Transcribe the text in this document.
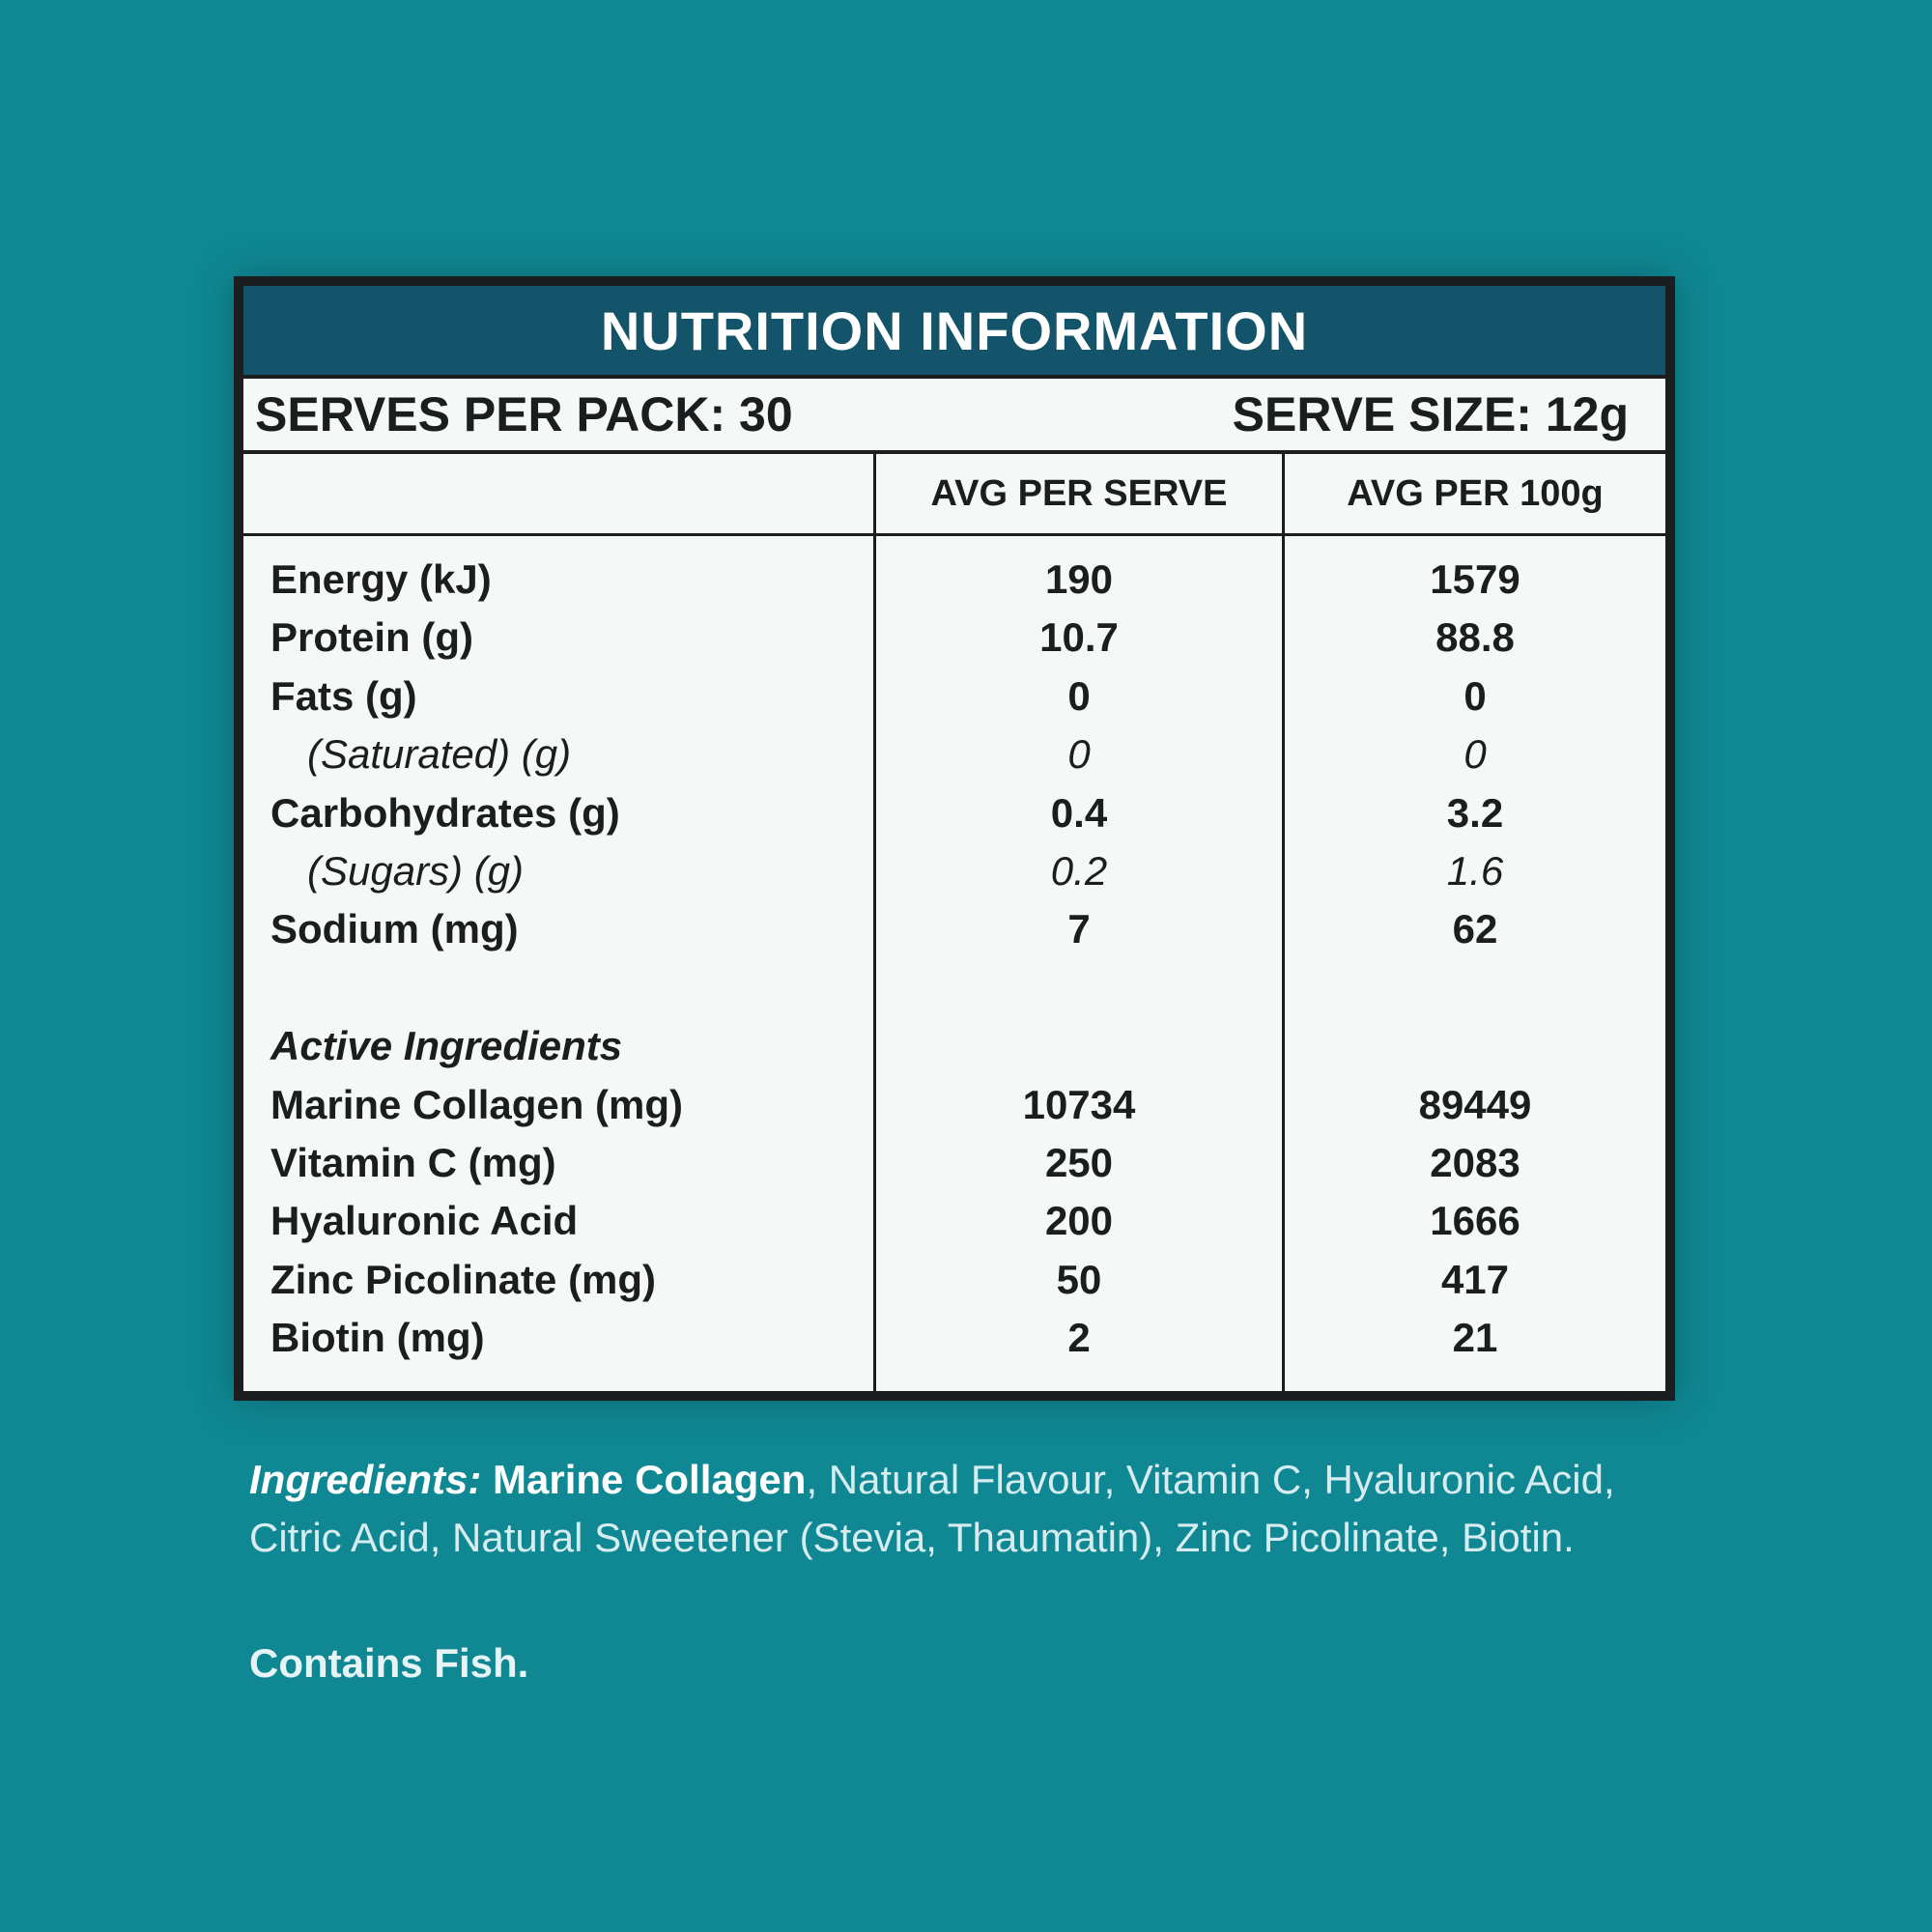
NUTRITION INFORMATION
SERVES PER PACK: 30	SERVE SIZE: 12g
AVG PER SERVE	AVG PER 100g
Energy (kJ)	190	1579
Protein (g)	10.7	88.8
Fats (g)	0	0
(Saturated) (g)	0	0
Carbohydrates (g)	0.4	3.2
(Sugars) (g)	0.2	1.6
Sodium (mg)	7	62
Active Ingredients
Marine Collagen (mg)	10734	89449
Vitamin C (mg)	250	2083
Hyaluronic Acid	200	1666
Zinc Picolinate (mg)	50	417
Biotin (mg)	2	21
Ingredients: Marine Collagen, Natural Flavour, Vitamin C, Hyaluronic Acid, Citric Acid, Natural Sweetener (Stevia, Thaumatin), Zinc Picolinate, Biotin.
Contains Fish.
